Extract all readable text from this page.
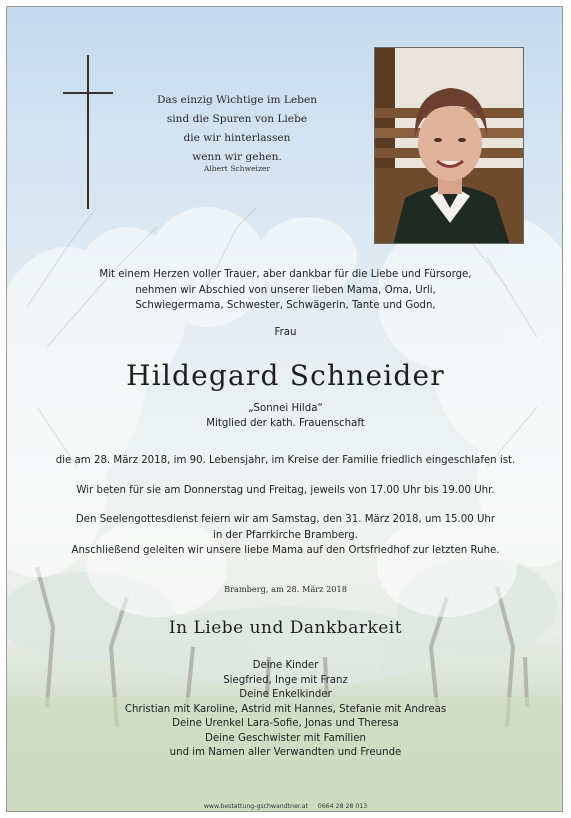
Das einzig Wichtige im Leben
sind die Spuren von Liebe
die wir hinterlassen
wenn wir gehen.
Albert Schweizer
Mit einem Herzen voller Trauer, aber dankbar für die Liebe und Fürsorge,
nehmen wir Abschied von unserer lieben Mama, Oma, Urli,
Schwiegermama, Schwester, Schwägerin, Tante und Godn,
Frau
Hildegard Schneider
„Sonnei Hilda“
Mitglied der kath. Frauenschaft
die am 28. März 2018, im 90. Lebensjahr, im Kreise der Familie friedlich eingeschlafen ist.
Wir beten für sie am Donnerstag und Freitag, jeweils von 17.00 Uhr bis 19.00 Uhr.
Den Seelengottesdienst feiern wir am Samstag, den 31. März 2018, um 15.00 Uhr
in der Pfarrkirche Bramberg.
Anschließend geleiten wir unsere liebe Mama auf den Ortsfriedhof zur letzten Ruhe.
Bramberg, am 28. März 2018
In Liebe und Dankbarkeit
Deine Kinder
Siegfried, Inge mit Franz
Deine Enkelkinder
Christian mit Karoline, Astrid mit Hannes, Stefanie mit Andreas
Deine Urenkel Lara-Sofie, Jonas und Theresa
Deine Geschwister mit Familien
und im Namen aller Verwandten und Freunde
www.bestattung-gschwandtner.at 0664 28 28 013
